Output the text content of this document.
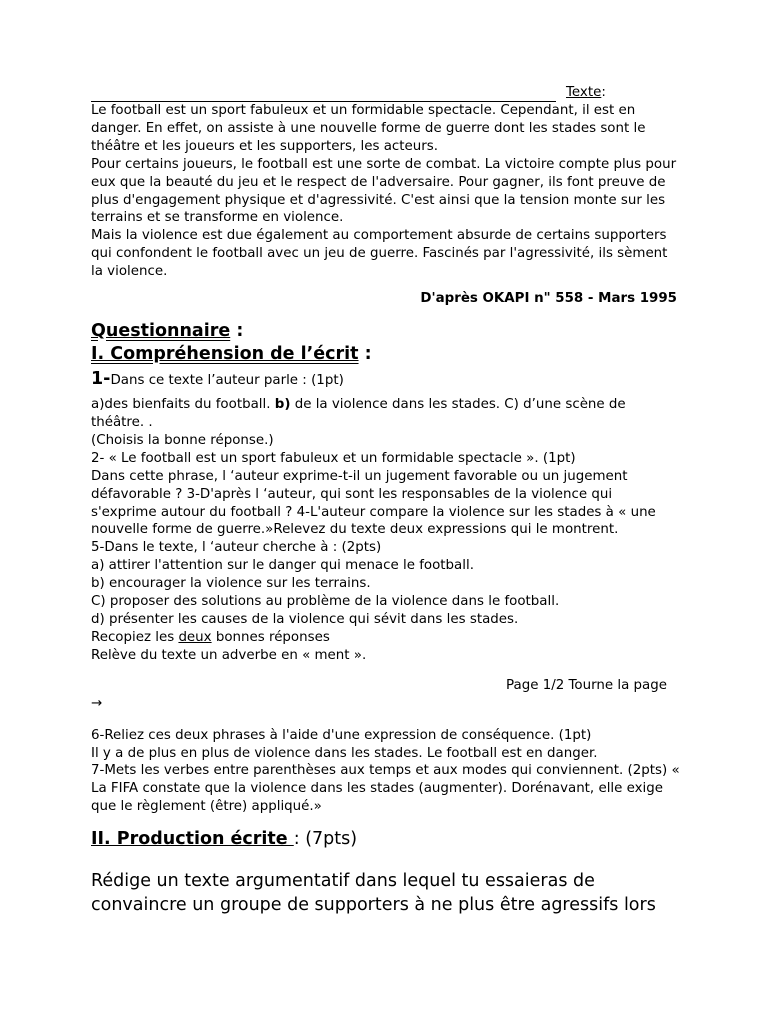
Texte :

Le football est un sport fabuleux et un formidable spectacle. Cependant, il est en danger. En effet, on assiste à une nouvelle forme de guerre dont les stades sont le théâtre et les joueurs et les supporters, les acteurs.

Pour certains joueurs, le football est une sorte de combat. La victoire compte plus pour eux que la beauté du jeu et le respect de l'adversaire. Pour gagner, ils font preuve de plus d'engagement physique et d'agressivité. C'est ainsi que la tension monte sur les terrains et se transforme en violence.

Mais la violence est due également au comportement absurde de certains supporters qui confondent le football avec un jeu de guerre. Fascinés par l'agressivité, ils sèment la violence.

D'après OKAPI n" 558 - Mars 1995

Questionnaire :

I. Compréhension de l’écrit :

1-Dans ce texte l’auteur parle : (1pt)

a)des bienfaits du football. b) de la violence dans les stades. C) d’une scène de théâtre. .

(Choisis la bonne réponse.)

2- « Le football est un sport fabuleux et un formidable spectacle ». (1pt)

Dans cette phrase, l ‘auteur exprime-t-il un jugement favorable ou un jugement défavorable ? 3-D'après l ‘auteur, qui sont les responsables de la violence qui s'exprime autour du football ? 4-L'auteur compare la violence sur les stades à « une nouvelle forme de guerre.»Relevez du texte deux expressions qui le montrent.

5-Dans le texte, l ‘auteur cherche à : (2pts)

a) attirer l'attention sur le danger qui menace le football.

b) encourager la violence sur les terrains.

C) proposer des solutions au problème de la violence dans le football.

d) présenter les causes de la violence qui sévit dans les stades.

Recopiez les deux bonnes réponses

Relève du texte un adverbe en « ment ».

Page 1/2 Tourne la page
→

6-Reliez ces deux phrases à l'aide d'une expression de conséquence. (1pt)

Il y a de plus en plus de violence dans les stades. Le football est en danger.

7-Mets les verbes entre parenthèses aux temps et aux modes qui conviennent. (2pts) « La FIFA constate que la violence dans les stades (augmenter). Dorénavant, elle exige que le règlement (être) appliqué.»

II. Production écrite : (7pts)

Rédige un texte argumentatif dans lequel tu essaieras de convaincre un groupe de supporters à ne plus être agressifs lors
